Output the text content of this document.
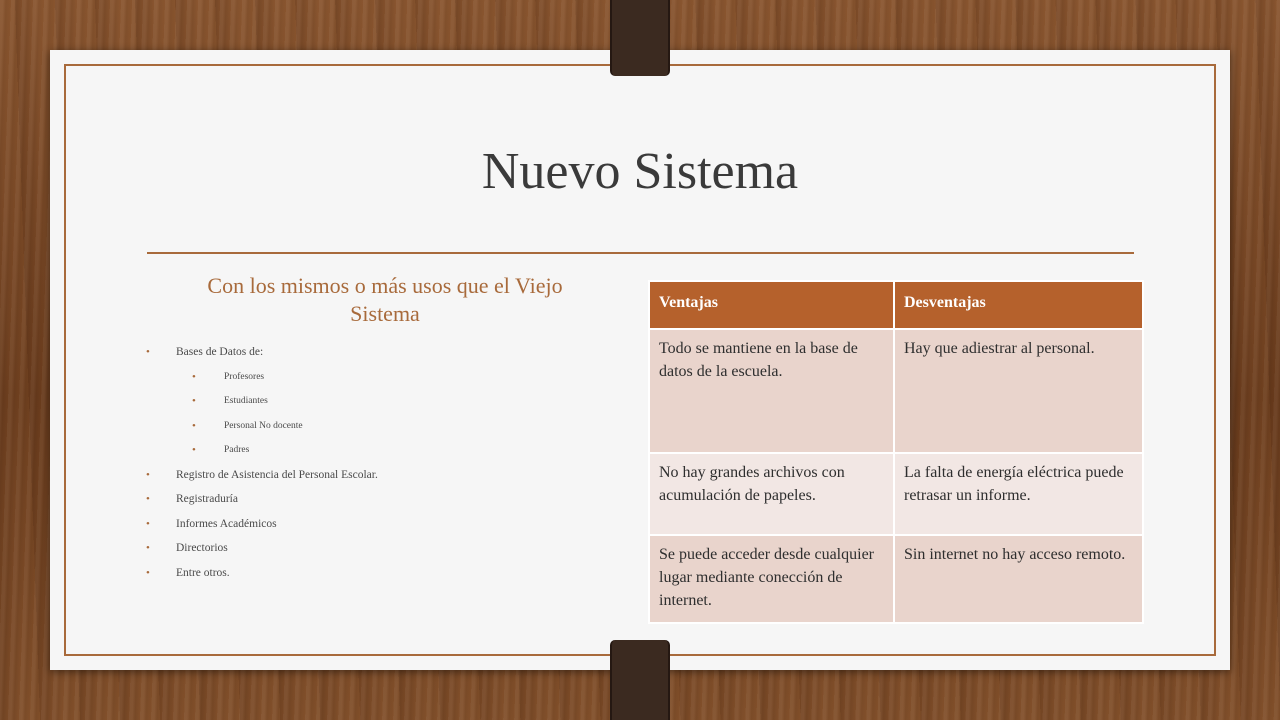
Nuevo Sistema
Con los mismos o más usos que el Viejo Sistema
• Bases de Datos de:
•	Profesores
•	Estudiantes
•	Personal No docente
•	Padres
• Registro de Asistencia del Personal Escolar.
• Registraduría
• Informes Académicos
• Directorios
• Entre otros.
Ventajas	Desventajas
Todo se mantiene en la base de datos de la escuela.	Hay que adiestrar al personal.
No hay grandes archivos con acumulación de papeles.	La falta de energía eléctrica puede retrasar un informe.
Se puede acceder desde cualquier lugar mediante conección de internet.	Sin internet no hay acceso remoto.
